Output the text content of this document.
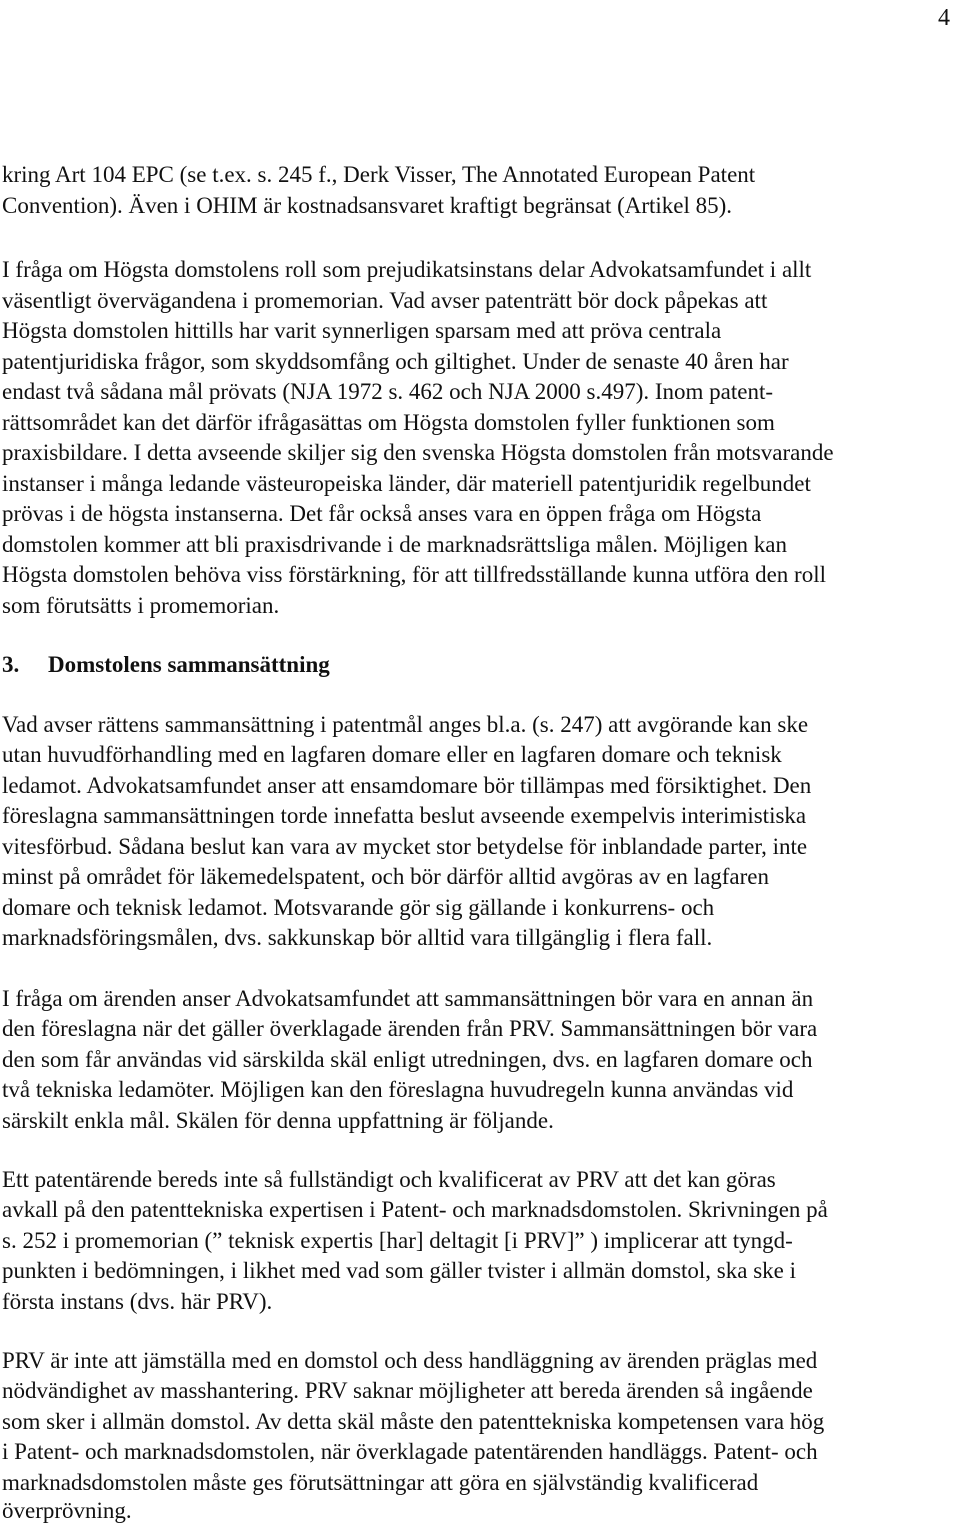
4
kring Art 104 EPC (se t.ex. s. 245 f., Derk Visser, The Annotated European Patent
Convention). Även i OHIM är kostnadsansvaret kraftigt begränsat (Artikel 85).
I fråga om Högsta domstolens roll som prejudikatsinstans delar Advokatsamfundet i allt
väsentligt övervägandena i promemorian. Vad avser patenträtt bör dock påpekas att
Högsta domstolen hittills har varit synnerligen sparsam med att pröva centrala
patentjuridiska frågor, som skyddsomfång och giltighet. Under de senaste 40 åren har
endast två sådana mål prövats (NJA 1972 s. 462 och NJA 2000 s.497). Inom patent-
rättsområdet kan det därför ifrågasättas om Högsta domstolen fyller funktionen som
praxisbildare. I detta avseende skiljer sig den svenska Högsta domstolen från motsvarande
instanser i många ledande västeuropeiska länder, där materiell patentjuridik regelbundet
prövas i de högsta instanserna. Det får också anses vara en öppen fråga om Högsta
domstolen kommer att bli praxisdrivande i de marknadsrättsliga målen. Möjligen kan
Högsta domstolen behöva viss förstärkning, för att tillfredsställande kunna utföra den roll
som förutsätts i promemorian.
3. Domstolens sammansättning
Vad avser rättens sammansättning i patentmål anges bl.a. (s. 247) att avgörande kan ske
utan huvudförhandling med en lagfaren domare eller en lagfaren domare och teknisk
ledamot. Advokatsamfundet anser att ensamdomare bör tillämpas med försiktighet. Den
föreslagna sammansättningen torde innefatta beslut avseende exempelvis interimistiska
vitesförbud. Sådana beslut kan vara av mycket stor betydelse för inblandade parter, inte
minst på området för läkemedelspatent, och bör därför alltid avgöras av en lagfaren
domare och teknisk ledamot. Motsvarande gör sig gällande i konkurrens- och
marknadsföringsmålen, dvs. sakkunskap bör alltid vara tillgänglig i flera fall.
I fråga om ärenden anser Advokatsamfundet att sammansättningen bör vara en annan än
den föreslagna när det gäller överklagade ärenden från PRV. Sammansättningen bör vara
den som får användas vid särskilda skäl enligt utredningen, dvs. en lagfaren domare och
två tekniska ledamöter. Möjligen kan den föreslagna huvudregeln kunna användas vid
särskilt enkla mål. Skälen för denna uppfattning är följande.
Ett patentärende bereds inte så fullständigt och kvalificerat av PRV att det kan göras
avkall på den patenttekniska expertisen i Patent- och marknadsdomstolen. Skrivningen på
s. 252 i promemorian (” teknisk expertis [har] deltagit [i PRV]” ) implicerar att tyngd-
punkten i bedömningen, i likhet med vad som gäller tvister i allmän domstol, ska ske i
första instans (dvs. här PRV).
PRV är inte att jämställa med en domstol och dess handläggning av ärenden präglas med
nödvändighet av masshantering. PRV saknar möjligheter att bereda ärenden så ingående
som sker i allmän domstol. Av detta skäl måste den patenttekniska kompetensen vara hög
i Patent- och marknadsdomstolen, när överklagade patentärenden handläggs. Patent- och
marknadsdomstolen måste ges förutsättningar att göra en självständig kvalificerad
överprövning.
